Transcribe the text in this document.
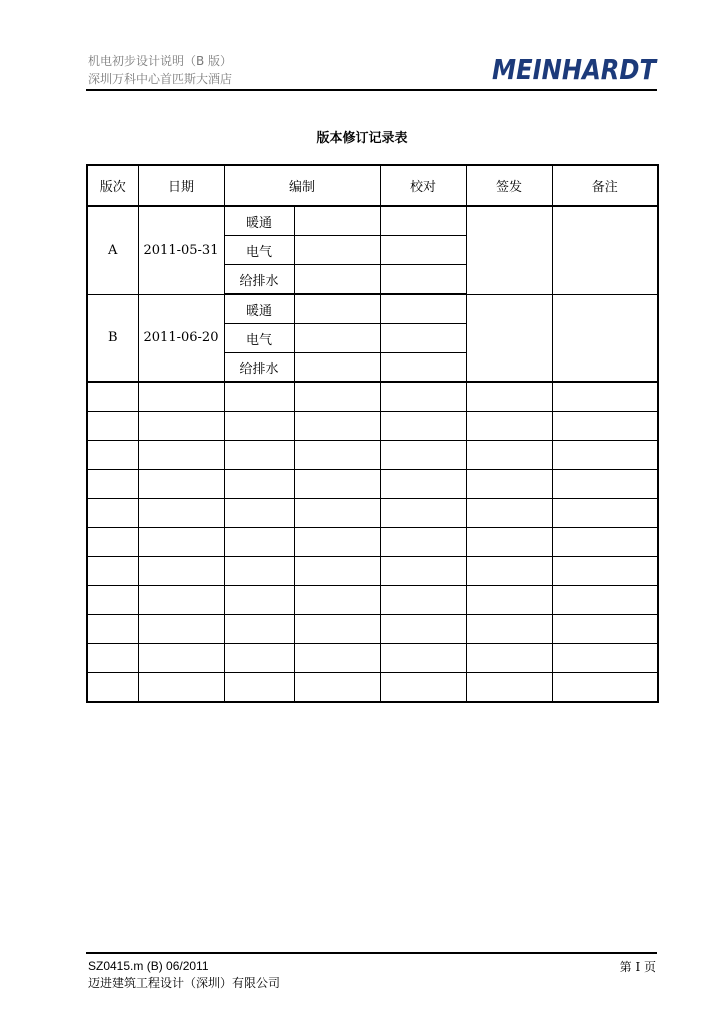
机电初步设计说明（B 版）
深圳万科中心首匹斯大酒店	MEINHARDT
版本修订记录表
版次	日期	编制		校对	签发	备注
A	2011-05-31	暖通				
		电气				
		给排水				
B	2011-06-20	暖通				
		电气				
		给排水				

SZ0415.m (B) 06/2011
迈进建筑工程设计（深圳）有限公司
第 I 页
